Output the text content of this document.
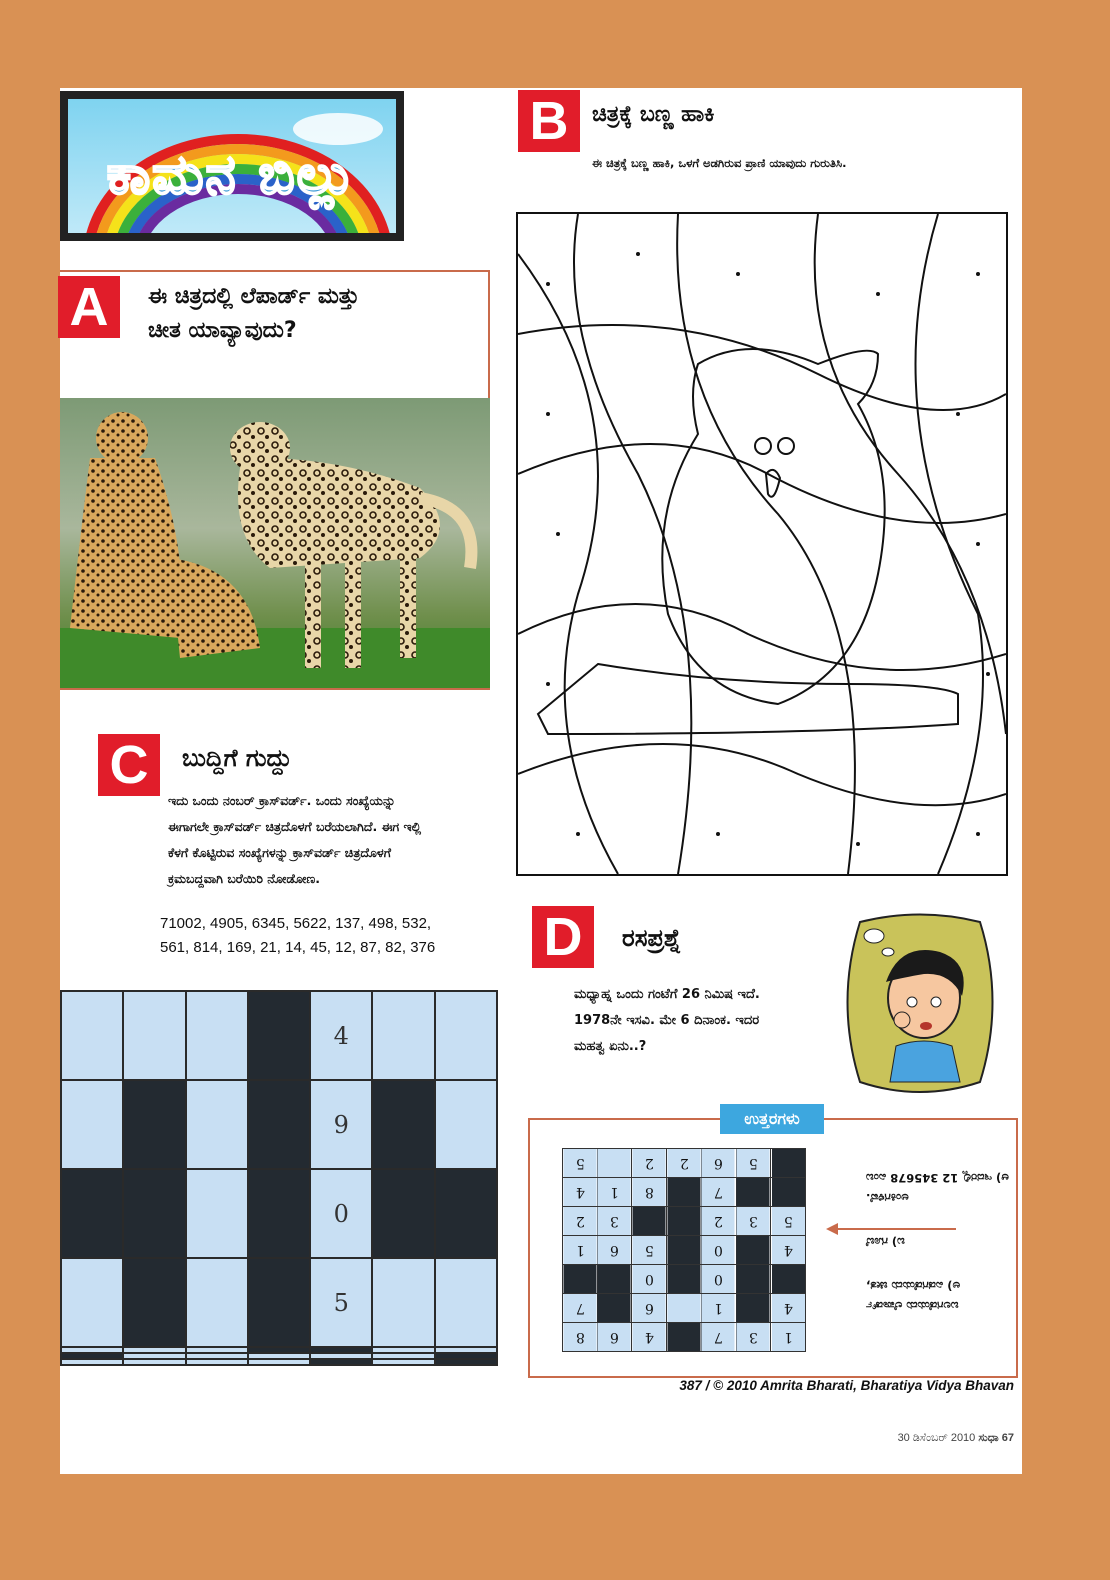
ಕಾಮನ ಬಿಲ್ಲು
A	ಈ ಚಿತ್ರದಲ್ಲಿ ಲೆಪಾರ್ಡ್ ಮತ್ತು
ಚೀತ ಯಾವ್ಯಾವುದು?
B	ಚಿತ್ರಕ್ಕೆ ಬಣ್ಣ ಹಾಕಿ
ಈ ಚಿತ್ರಕ್ಕೆ ಬಣ್ಣ ಹಾಕಿ, ಒಳಗೆ ಅಡಗಿರುವ ಪ್ರಾಣಿ ಯಾವುದು ಗುರುತಿಸಿ.
C	ಬುದ್ದಿಗೆ ಗುದ್ದು
ಇದು ಒಂದು ನಂಬರ್ ಕ್ರಾಸ್‌ವರ್ಡ್. ಒಂದು ಸಂಖ್ಯೆಯನ್ನು
ಈಗಾಗಲೇ ಕ್ರಾಸ್‌ವರ್ಡ್ ಚಿತ್ರದೊಳಗೆ ಬರೆಯಲಾಗಿದೆ. ಈಗ ಇಲ್ಲಿ
ಕೆಳಗೆ ಕೊಟ್ಟಿರುವ ಸಂಖ್ಯೆಗಳನ್ನು ಕ್ರಾಸ್‌ವರ್ಡ್ ಚಿತ್ರದೊಳಗೆ
ಕ್ರಮಬದ್ದವಾಗಿ ಬರೆಯಿರಿ ನೋಡೋಣ.
71002, 4905, 6345, 5622, 137, 498, 532,
561, 814, 169, 21, 14, 45, 12, 87, 82, 376
				4		
				9		
				0		
				5		

D	ರಸಪ್ರಶ್ನೆ
ಮಧ್ಯಾಹ್ನ ಒಂದು ಗಂಟೆಗೆ 26 ನಿಮಿಷ ಇದೆ.
1978ನೇ ಇಸವಿ. ಮೇ 6 ದಿನಾಂಕ. ಇದರ
ಮಹತ್ವ ಏನು..?
ಉತ್ತರಗಳು
5		2	2	6	5	
4	1	8		7		
2	3			2	3	5
1	6	5		0		4
		0		0		
7		6		1		4
8	6	4		7	3	1
ಬಲಗಡೆಯದು ಲೆಪಾರ್ಡ್
ಅ) ಎಡಗಡೆಯದು ಚೀತ,
ಬ) ಗೂಬೆ
ಅಂಕಿಗಳಿವೆ.
ಆ) ಇದರಲ್ಲಿ 12 345678 ಎಂಬ
387 / © 2010 Amrita Bharati, Bharatiya Vidya Bhavan
30 ಡಿಸೆಂಬರ್ 2010 ಸುಧಾ 67
